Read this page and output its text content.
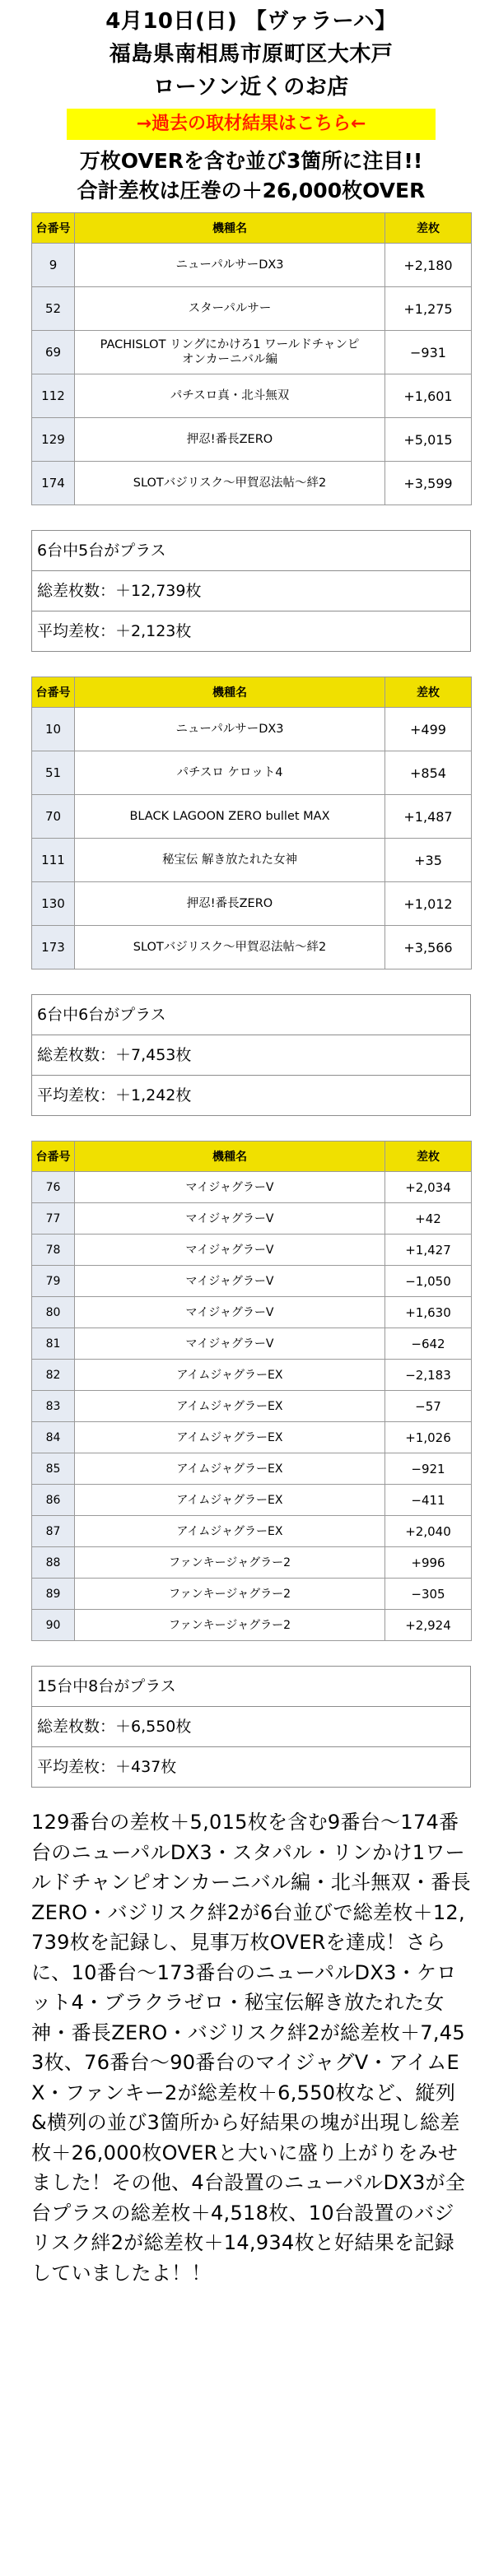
4月10日(日) 【ヴァラーハ】
福島県南相馬市原町区大木戸
ローソン近くのお店
→過去の取材結果はこちら←
万枚OVERを含む並び3箇所に注目!!
合計差枚は圧巻の＋26,000枚OVER
台番号	機種名	差枚
9	ニューパルサーDX3	+2,180
52	スターパルサー	+1,275
69	PACHISLOT リングにかけろ1 ワールドチャンピオンカーニバル編	−931
112	パチスロ真・北斗無双	+1,601
129	押忍!番長ZERO	+5,015
174	SLOTバジリスク〜甲賀忍法帖〜絆2	+3,599
6台中5台がプラス
総差枚数：＋12,739枚
平均差枚：＋2,123枚
台番号	機種名	差枚
10	ニューパルサーDX3	+499
51	パチスロ ケロット4	+854
70	BLACK LAGOON ZERO bullet MAX	+1,487
111	秘宝伝 解き放たれた女神	+35
130	押忍!番長ZERO	+1,012
173	SLOTバジリスク〜甲賀忍法帖〜絆2	+3,566
6台中6台がプラス
総差枚数：＋7,453枚
平均差枚：＋1,242枚
台番号	機種名	差枚
76	マイジャグラーV	+2,034
77	マイジャグラーV	+42
78	マイジャグラーV	+1,427
79	マイジャグラーV	−1,050
80	マイジャグラーV	+1,630
81	マイジャグラーV	−642
82	アイムジャグラーEX	−2,183
83	アイムジャグラーEX	−57
84	アイムジャグラーEX	+1,026
85	アイムジャグラーEX	−921
86	アイムジャグラーEX	−411
87	アイムジャグラーEX	+2,040
88	ファンキージャグラー2	+996
89	ファンキージャグラー2	−305
90	ファンキージャグラー2	+2,924
15台中8台がプラス
総差枚数：＋6,550枚
平均差枚：＋437枚
129番台の差枚＋5,015枚を含む9番台〜174番台のニューパルDX3・スタパル・リンかけ1ワールドチャンピオンカーニバル編・北斗無双・番長ZERO・バジリスク絆2が6台並びで総差枚＋12,739枚を記録し、見事万枚OVERを達成！さらに、10番台〜173番台のニューパルDX3・ケロット4・ブラクラゼロ・秘宝伝解き放たれた女神・番長ZERO・バジリスク絆2が総差枚＋7,453枚、76番台〜90番台のマイジャグV・アイムEX・ファンキー2が総差枚＋6,550枚など、縦列&横列の並び3箇所から好結果の塊が出現し総差枚＋26,000枚OVERと大いに盛り上がりをみせました！その他、4台設置のニューパルDX3が全台プラスの総差枚＋4,518枚、10台設置のバジリスク絆2が総差枚＋14,934枚と好結果を記録していましたよ！！
